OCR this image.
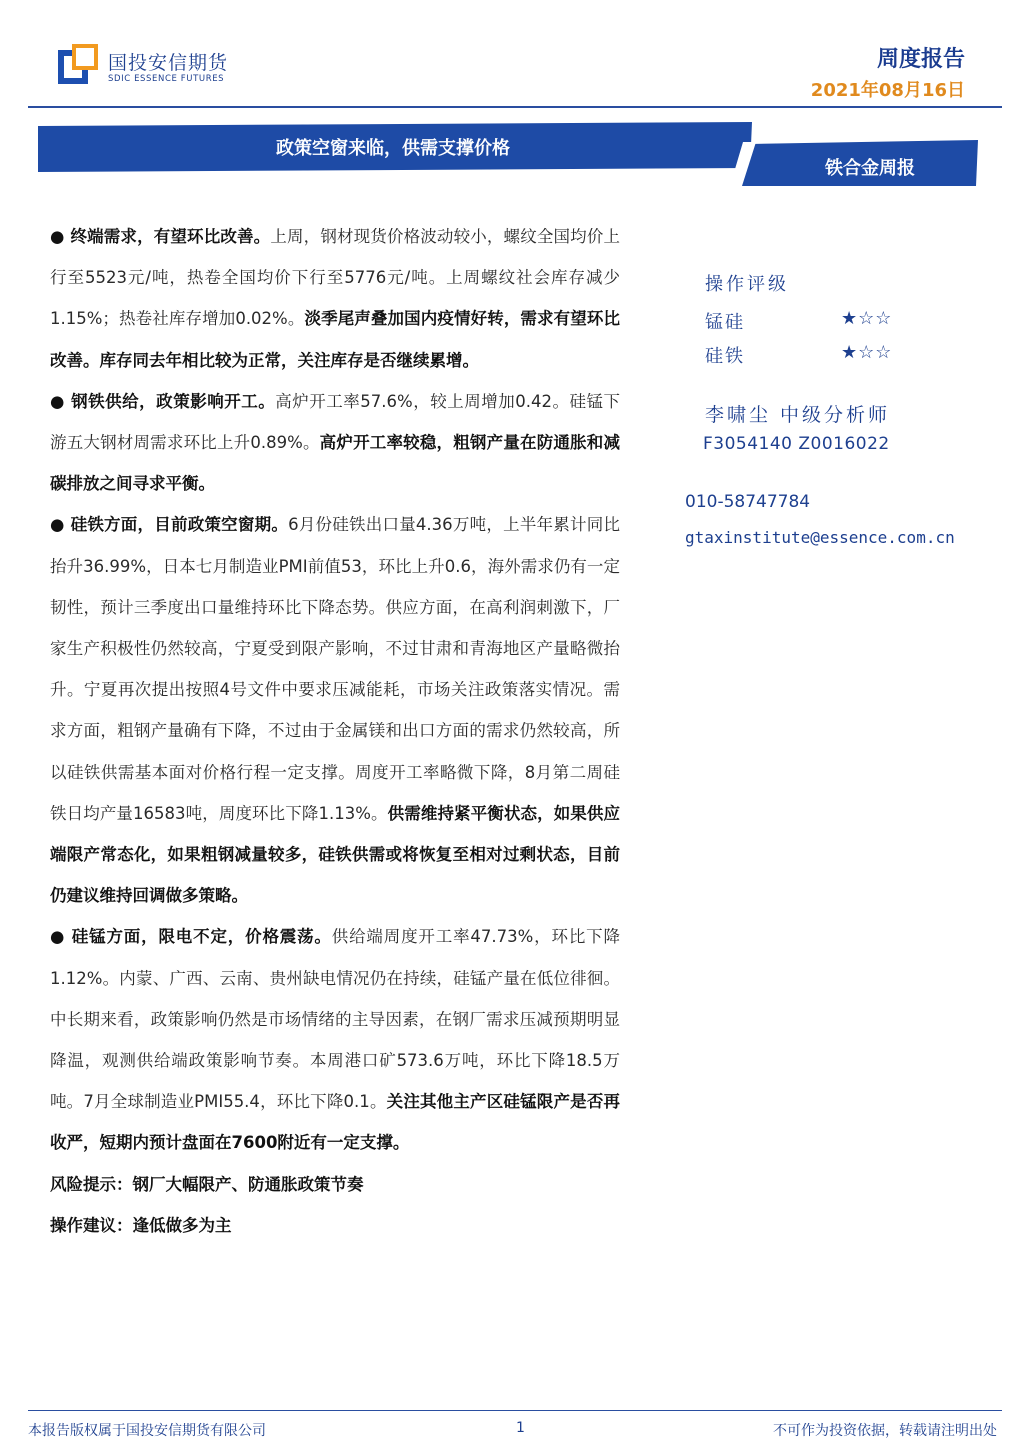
国投安信期货
SDIC ESSENCE FUTURES
周度报告
2021年08月16日
政策空窗来临，供需支撑价格
铁合金周报

● 终端需求，有望环比改善。上周，钢材现货价格波动较小，螺纹全国均价上行至5523元/吨，热卷全国均价下行至5776元/吨。上周螺纹社会库存减少1.15%；热卷社库存增加0.02%。淡季尾声叠加国内疫情好转，需求有望环比改善。库存同去年相比较为正常，关注库存是否继续累增。

● 钢铁供给，政策影响开工。高炉开工率57.6%，较上周增加0.42。硅锰下游五大钢材周需求环比上升0.89%。高炉开工率较稳，粗钢产量在防通胀和减碳排放之间寻求平衡。

● 硅铁方面，目前政策空窗期。6月份硅铁出口量4.36万吨，上半年累计同比抬升36.99%，日本七月制造业PMI前值53，环比上升0.6，海外需求仍有一定韧性，预计三季度出口量维持环比下降态势。供应方面，在高利润刺激下，厂家生产积极性仍然较高，宁夏受到限产影响，不过甘肃和青海地区产量略微抬升。宁夏再次提出按照4号文件中要求压减能耗，市场关注政策落实情况。需求方面，粗钢产量确有下降，不过由于金属镁和出口方面的需求仍然较高，所以硅铁供需基本面对价格行程一定支撑。周度开工率略微下降，8月第二周硅铁日均产量16583吨，周度环比下降1.13%。供需维持紧平衡状态，如果供应端限产常态化，如果粗钢减量较多，硅铁供需或将恢复至相对过剩状态，目前仍建议维持回调做多策略。

● 硅锰方面，限电不定，价格震荡。供给端周度开工率47.73%，环比下降1.12%。内蒙、广西、云南、贵州缺电情况仍在持续，硅锰产量在低位徘徊。中长期来看，政策影响仍然是市场情绪的主导因素，在钢厂需求压减预期明显降温，观测供给端政策影响节奏。本周港口矿573.6万吨，环比下降18.5万吨。7月全球制造业PMI55.4，环比下降0.1。关注其他主产区硅锰限产是否再收严，短期内预计盘面在7600附近有一定支撑。

风险提示：钢厂大幅限产、防通胀政策节奏

操作建议：逢低做多为主

操作评级
锰硅	★☆☆
硅铁	★☆☆
李啸尘 中级分析师
F3054140 Z0016022
010-58747784
gtaxinstitute@essence.com.cn
本报告版权属于国投安信期货有限公司	1	不可作为投资依据，转载请注明出处
